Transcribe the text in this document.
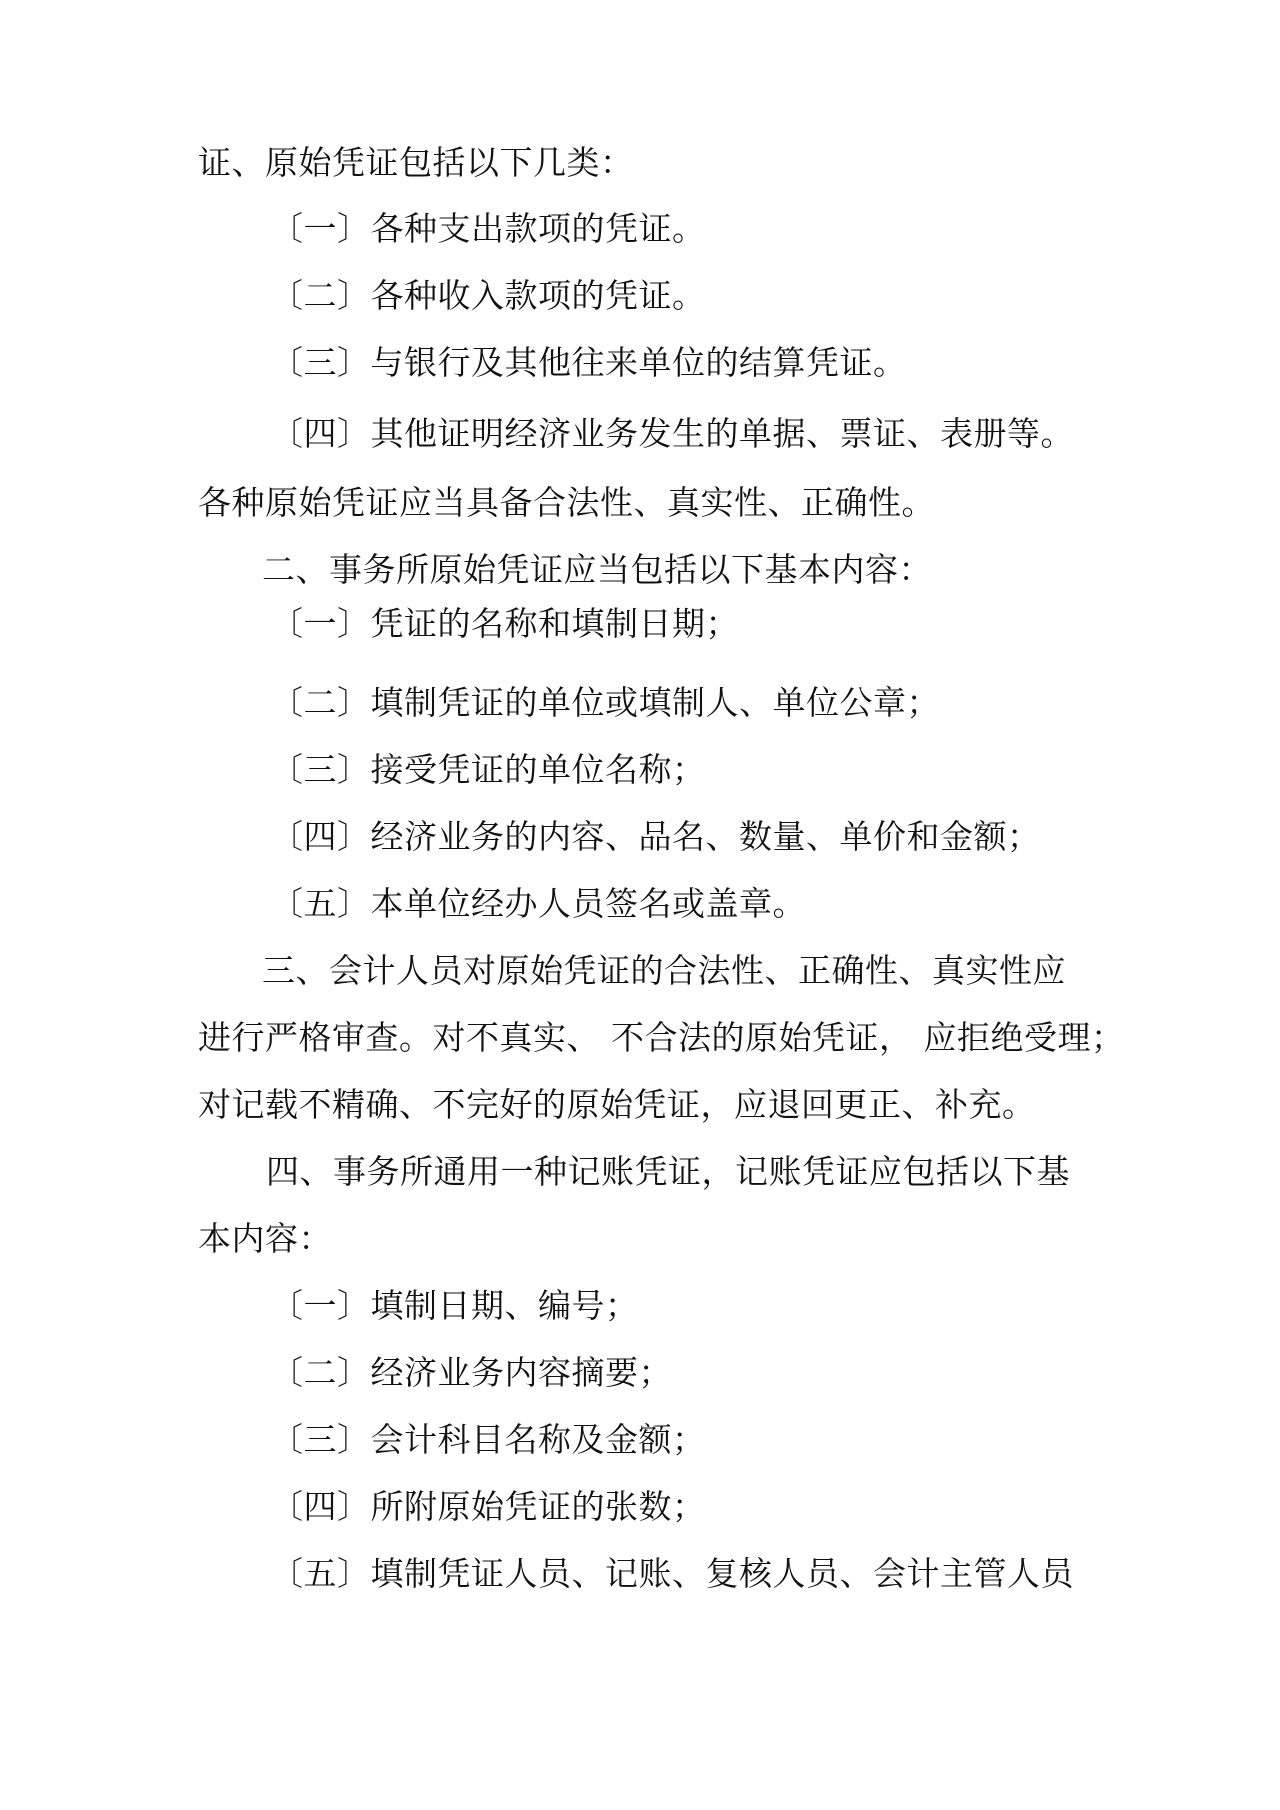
证、原始凭证包括以下几类：
〔一〕各种支出款项的凭证。
〔二〕各种收入款项的凭证。
〔三〕与银行及其他往来单位的结算凭证。
〔四〕其他证明经济业务发生的单据、票证、表册等。
各种原始凭证应当具备合法性、真实性、正确性。
二、事务所原始凭证应当包括以下基本内容：
〔一〕凭证的名称和填制日期；
〔二〕填制凭证的单位或填制人、单位公章；
〔三〕接受凭证的单位名称；
〔四〕经济业务的内容、品名、数量、单价和金额；
〔五〕本单位经办人员签名或盖章。
三、会计人员对原始凭证的合法性、正确性、真实性应
进行严格审查。对不真实、 不合法的原始凭证， 应拒绝受理；
对记载不精确、不完好的原始凭证，应退回更正、补充。
四、事务所通用一种记账凭证，记账凭证应包括以下基
本内容：
〔一〕填制日期、编号；
〔二〕经济业务内容摘要；
〔三〕会计科目名称及金额；
〔四〕所附原始凭证的张数；
〔五〕填制凭证人员、记账、复核人员、会计主管人员
